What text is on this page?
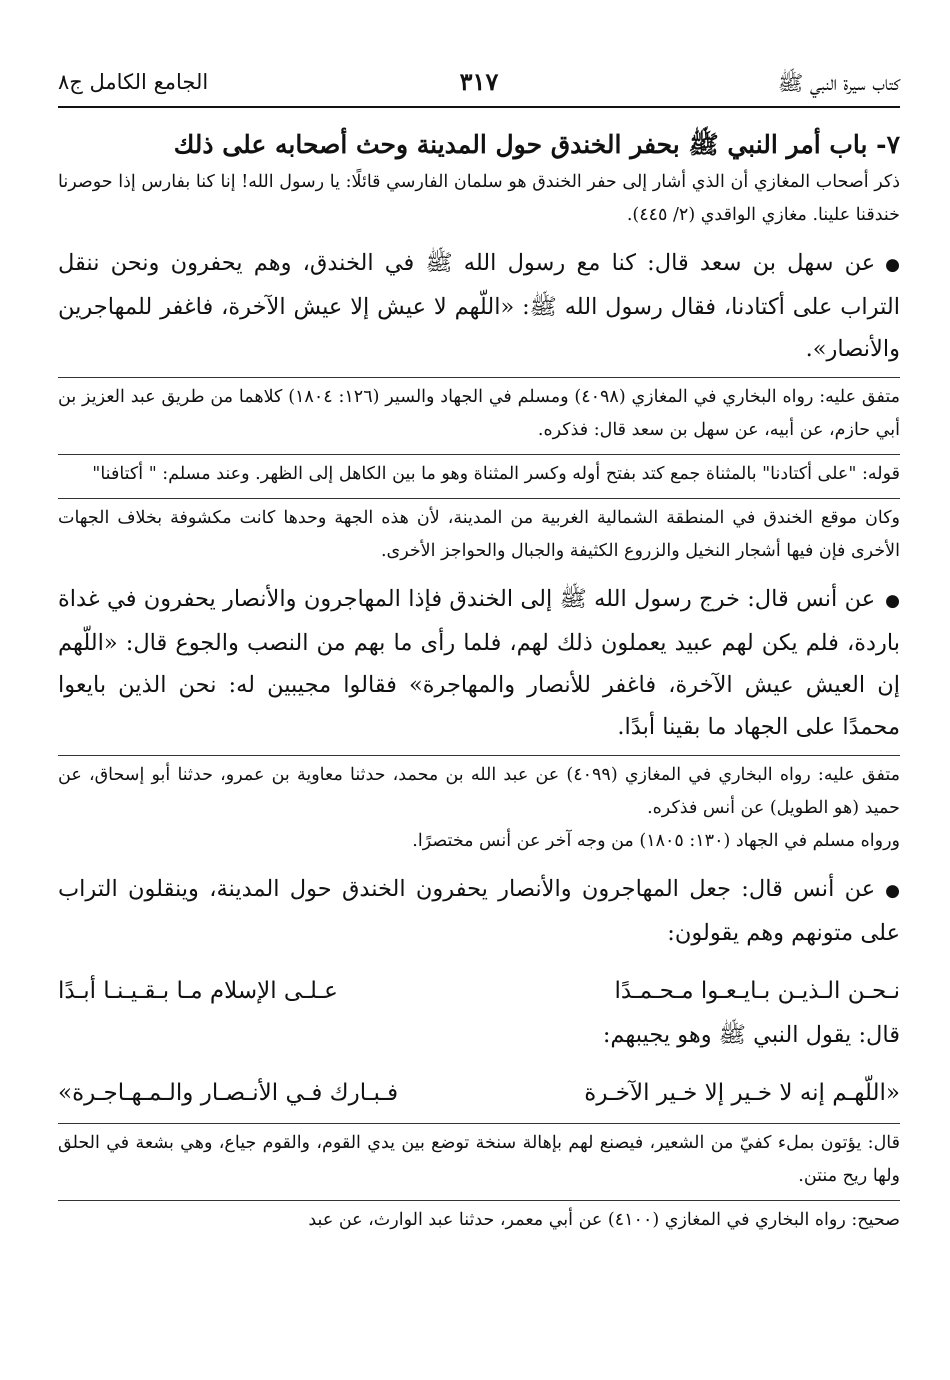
كتاب سيرة النبي ﷺ
٣١٧
الجامع الكامل ج٨
٧- باب أمر النبي ﷺ بحفر الخندق حول المدينة وحث أصحابه على ذلك

ذكر أصحاب المغازي أن الذي أشار إلى حفر الخندق هو سلمان الفارسي قائلًا: يا رسول الله! إنا كنا بفارس إذا حوصرنا خندقنا علينا. مغازي الواقدي (٢/ ٤٤٥).

●عن سهل بن سعد قال: كنا مع رسول الله ﷺ في الخندق، وهم يحفرون ونحن ننقل التراب على أكتادنا، فقال رسول الله ﷺ: «اللّهم لا عيش إلا عيش الآخرة، فاغفر للمهاجرين والأنصار».

متفق عليه: رواه البخاري في المغازي (٤٠٩٨) ومسلم في الجهاد والسير (١٢٦: ١٨٠٤) كلاهما من طريق عبد العزيز بن أبي حازم، عن أبيه، عن سهل بن سعد قال: فذكره.

قوله: "على أكتادنا" بالمثناة جمع كتد بفتح أوله وكسر المثناة وهو ما بين الكاهل إلى الظهر. وعند مسلم: " أكتافنا"

وكان موقع الخندق في المنطقة الشمالية الغربية من المدينة، لأن هذه الجهة وحدها كانت مكشوفة بخلاف الجهات الأخرى فإن فيها أشجار النخيل والزروع الكثيفة والجبال والحواجز الأخرى.

●عن أنس قال: خرج رسول الله ﷺ إلى الخندق فإذا المهاجرون والأنصار يحفرون في غداة باردة، فلم يكن لهم عبيد يعملون ذلك لهم، فلما رأى ما بهم من النصب والجوع قال: «اللّهم إن العيش عيش الآخرة، فاغفر للأنصار والمهاجرة» فقالوا مجيبين له: نحن الذين بايعوا محمدًا على الجهاد ما بقينا أبدًا.

متفق عليه: رواه البخاري في المغازي (٤٠٩٩) عن عبد الله بن محمد، حدثنا معاوية بن عمرو، حدثنا أبو إسحاق، عن حميد (هو الطويل) عن أنس فذكره.

ورواه مسلم في الجهاد (١٣٠: ١٨٠٥) من وجه آخر عن أنس مختصرًا.

●عن أنس قال: جعل المهاجرون والأنصار يحفرون الخندق حول المدينة، وينقلون التراب على متونهم وهم يقولون:

نـحـن الـذيـن بـايـعـوا مـحـمـدًا
عـلـى الإسلام مـا بـقـيـنـا أبـدًا

قال: يقول النبي ﷺ وهو يجيبهم:

«اللّهـم إنه لا خـير إلا خـير الآخـرة
فـبـارك فـي الأنـصـار والـمـهـاجـرة»

قال: يؤتون بملء كفيّ من الشعير، فيصنع لهم بإهالة سنخة توضع بين يدي القوم، والقوم جياع، وهي بشعة في الحلق ولها ريح منتن.

صحيح: رواه البخاري في المغازي (٤١٠٠) عن أبي معمر، حدثنا عبد الوارث، عن عبد
